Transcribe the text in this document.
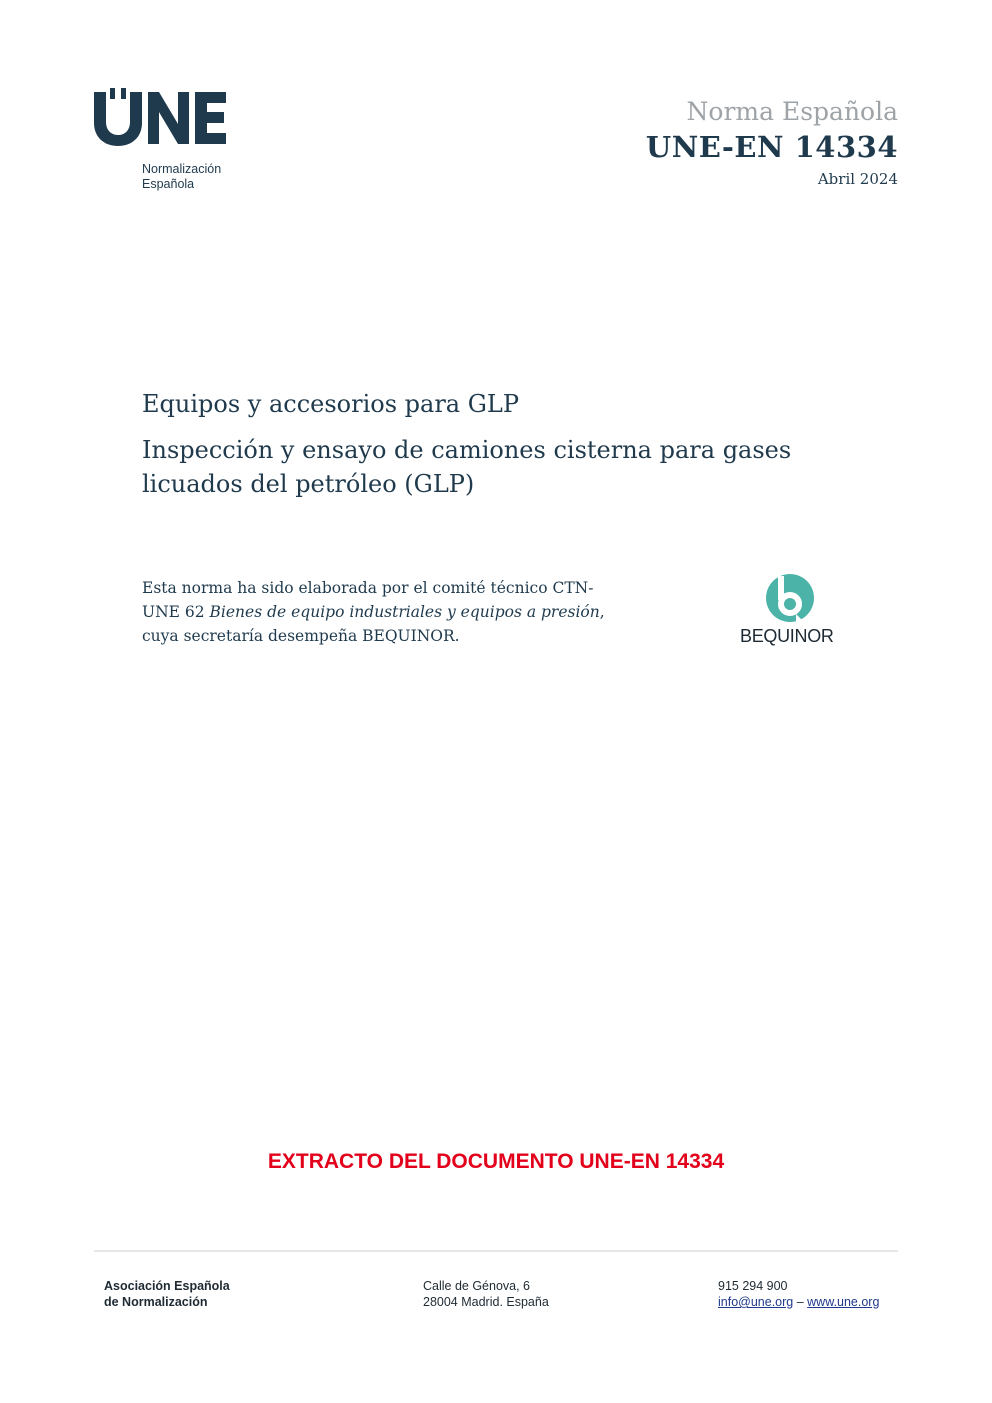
Normalización
Española
Norma Española
UNE-EN 14334
Abril 2024
Equipos y accesorios para GLP
Inspección y ensayo de camiones cisterna para gases licuados del petróleo (GLP)
Esta norma ha sido elaborada por el comité técnico CTN-UNE 62 Bienes de equipo industriales y equipos a presión, cuya secretaría desempeña BEQUINOR.	BEQUINOR
EXTRACTO DEL DOCUMENTO UNE-EN 14334
Asociación Española
de Normalización
Calle de Génova, 6
28004 Madrid. España
915 294 900
info@une.org – www.une.org
